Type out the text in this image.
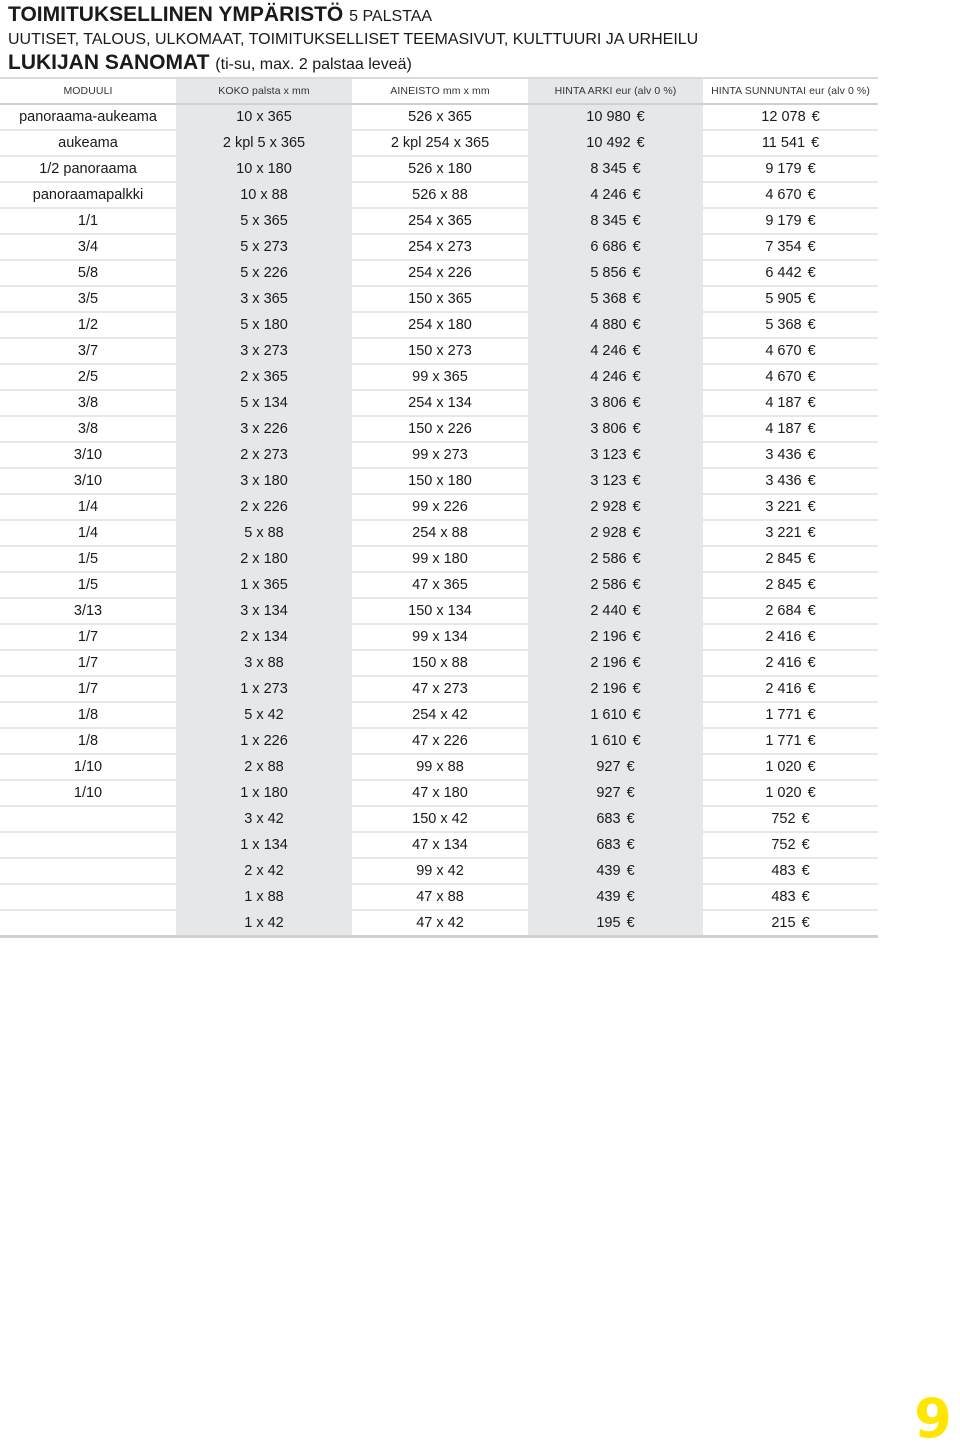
TOIMITUKSELLINEN YMPÄRISTÖ 5 PALSTAA
UUTISET, TALOUS, ULKOMAAT, TOIMITUKSELLISET TEEMASIVUT, KULTTUURI JA URHEILU
LUKIJAN SANOMAT (ti-su, max. 2 palstaa leveä)
MODUULI	KOKO palsta x mm	AINEISTO mm x mm	HINTA ARKI eur (alv 0 %)	HINTA SUNNUNTAI eur (alv 0 %)
panoraama-aukeama	10 x 365	526 x 365	10 980 €	12 078 €
aukeama	2 kpl 5 x 365	2 kpl 254 x 365	10 492 €	11 541 €
1/2 panoraama	10 x 180	526 x 180	8 345 €	9 179 €
panoraamapalkki	10 x 88	526 x 88	4 246 €	4 670 €
1/1	5 x 365	254 x 365	8 345 €	9 179 €
3/4	5 x 273	254 x 273	6 686 €	7 354 €
5/8	5 x 226	254 x 226	5 856 €	6 442 €
3/5	3 x 365	150 x 365	5 368 €	5 905 €
1/2	5 x 180	254 x 180	4 880 €	5 368 €
3/7	3 x 273	150 x 273	4 246 €	4 670 €
2/5	2 x 365	99 x 365	4 246 €	4 670 €
3/8	5 x 134	254 x 134	3 806 €	4 187 €
3/8	3 x 226	150 x 226	3 806 €	4 187 €
3/10	2 x 273	99 x 273	3 123 €	3 436 €
3/10	3 x 180	150 x 180	3 123 €	3 436 €
1/4	2 x 226	99 x 226	2 928 €	3 221 €
1/4	5 x 88	254 x 88	2 928 €	3 221 €
1/5	2 x 180	99 x 180	2 586 €	2 845 €
1/5	1 x 365	47 x 365	2 586 €	2 845 €
3/13	3 x 134	150 x 134	2 440 €	2 684 €
1/7	2 x 134	99 x 134	2 196 €	2 416 €
1/7	3 x 88	150 x 88	2 196 €	2 416 €
1/7	1 x 273	47 x 273	2 196 €	2 416 €
1/8	5 x 42	254 x 42	1 610 €	1 771 €
1/8	1 x 226	47 x 226	1 610 €	1 771 €
1/10	2 x 88	99 x 88	927 €	1 020 €
1/10	1 x 180	47 x 180	927 €	1 020 €
	3 x 42	150 x 42	683 €	752 €
	1 x 134	47 x 134	683 €	752 €
	2 x 42	99 x 42	439 €	483 €
	1 x 88	47 x 88	439 €	483 €
	1 x 42	47 x 42	195 €	215 €
9
